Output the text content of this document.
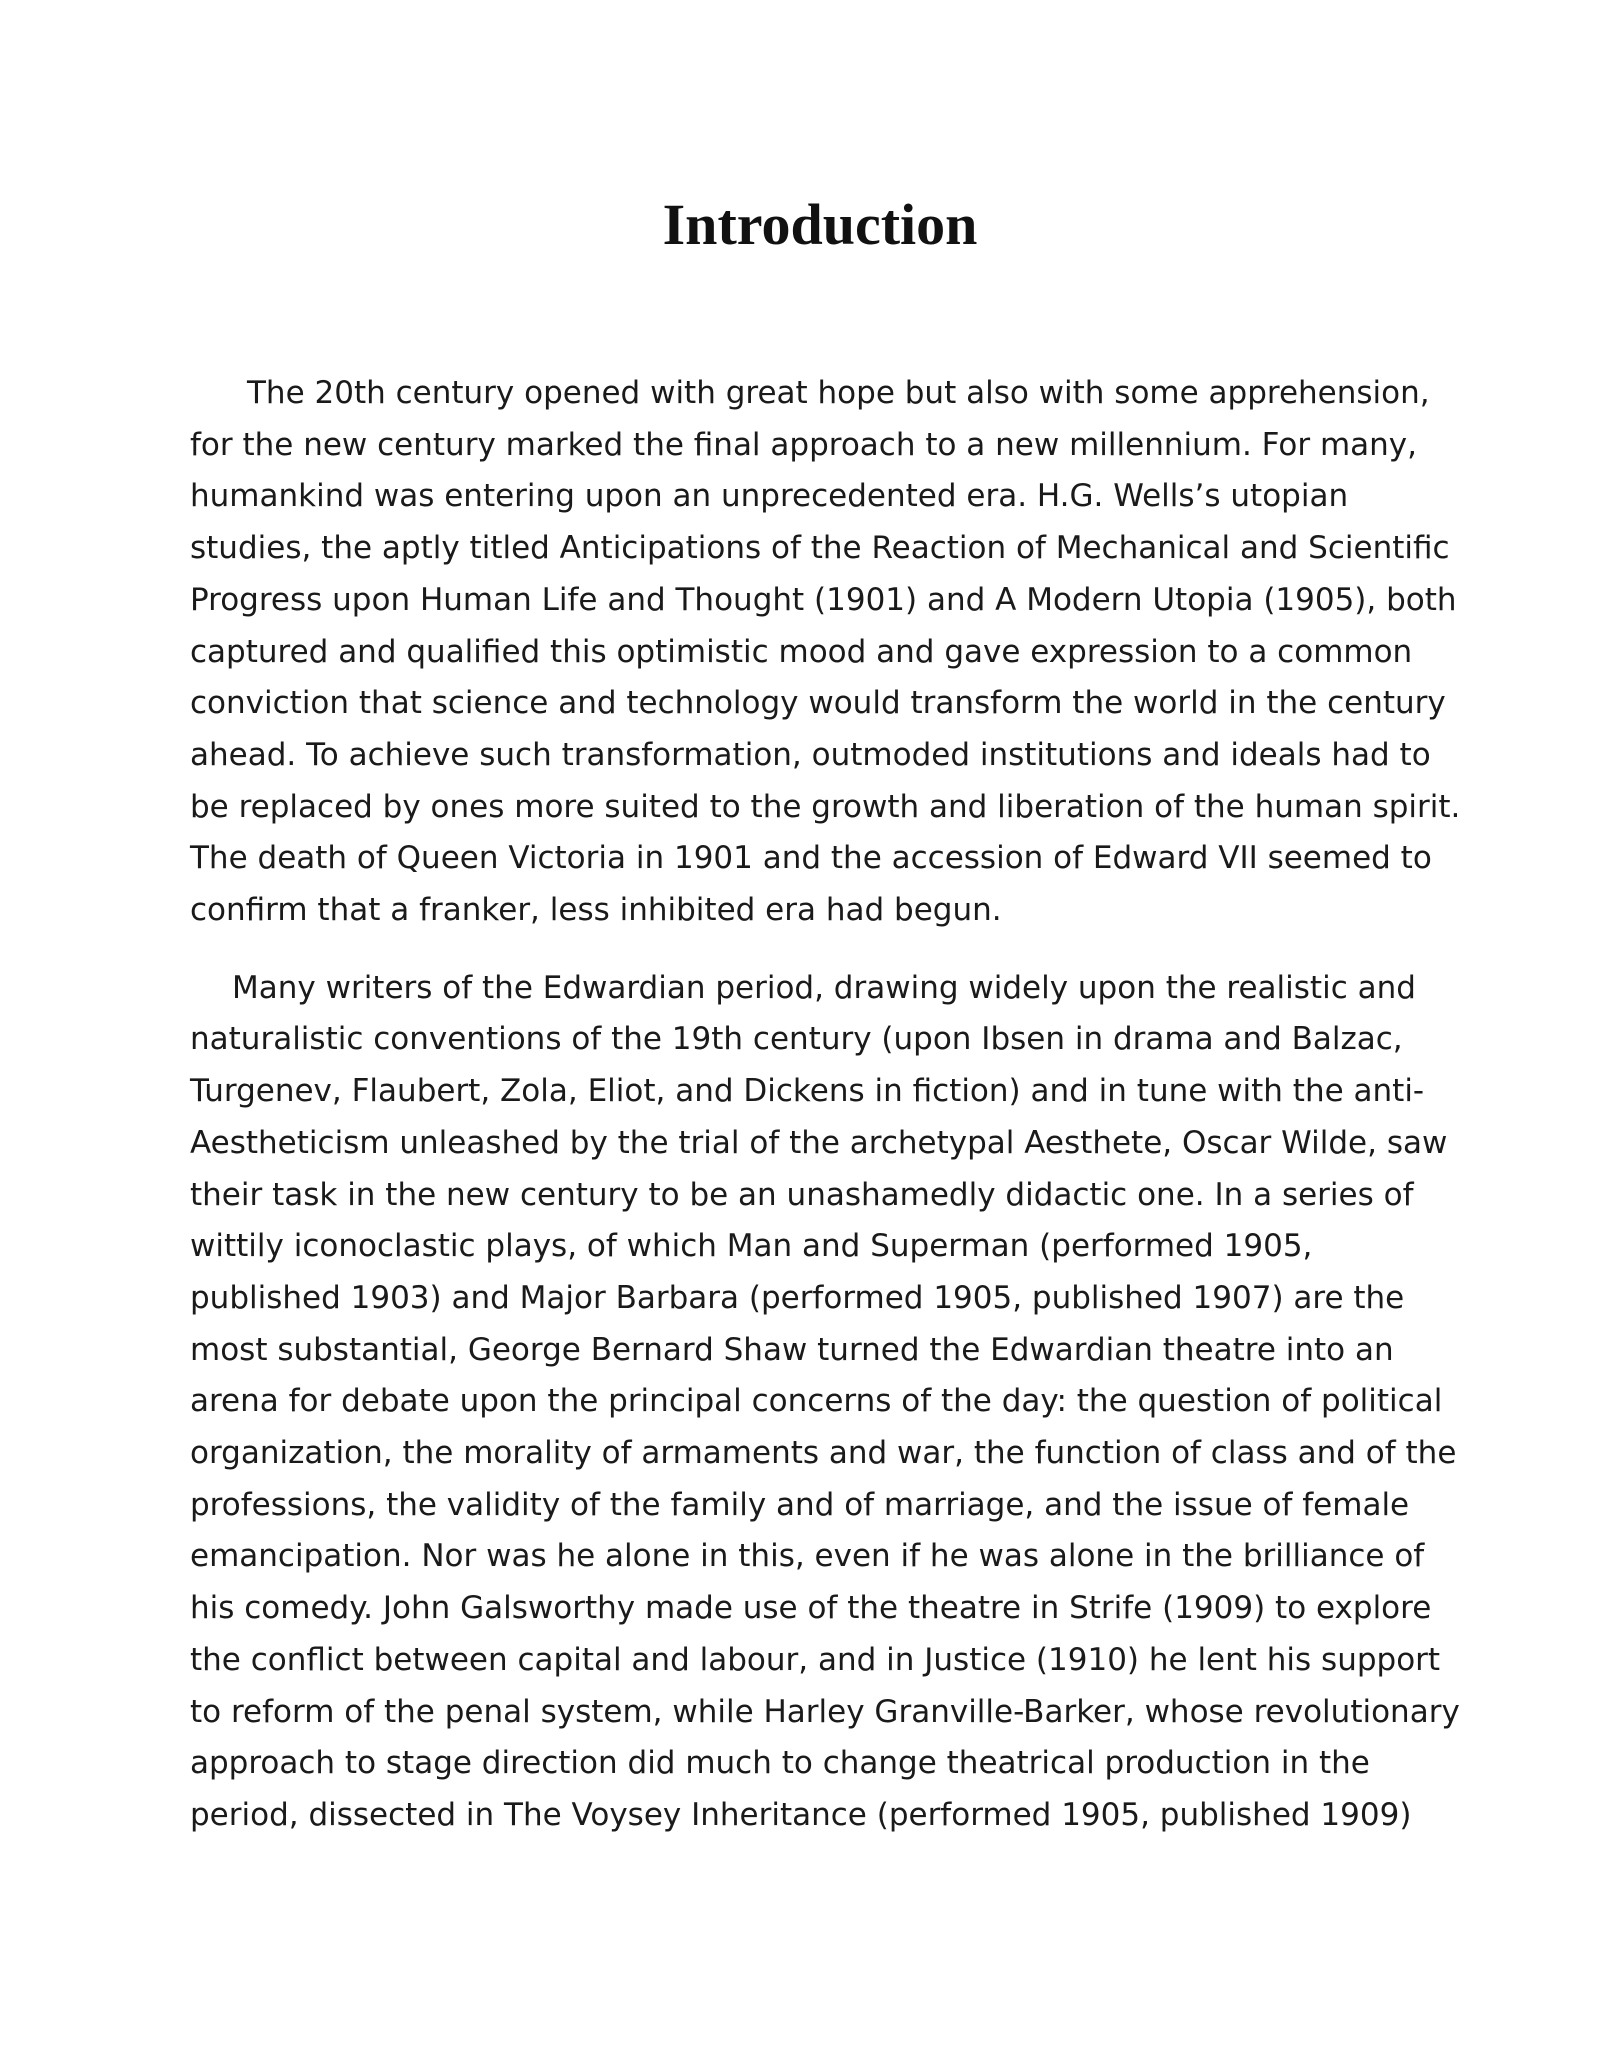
Introduction
The 20th century opened with great hope but also with some apprehension,
for the new century marked the final approach to a new millennium. For many,
humankind was entering upon an unprecedented era. H.G. Wells’s utopian
studies, the aptly titled Anticipations of the Reaction of Mechanical and Scientific
Progress upon Human Life and Thought (1901) and A Modern Utopia (1905), both
captured and qualified this optimistic mood and gave expression to a common
conviction that science and technology would transform the world in the century
ahead. To achieve such transformation, outmoded institutions and ideals had to
be replaced by ones more suited to the growth and liberation of the human spirit.
The death of Queen Victoria in 1901 and the accession of Edward VII seemed to
confirm that a franker, less inhibited era had begun.
Many writers of the Edwardian period, drawing widely upon the realistic and
naturalistic conventions of the 19th century (upon Ibsen in drama and Balzac,
Turgenev, Flaubert, Zola, Eliot, and Dickens in fiction) and in tune with the anti-
Aestheticism unleashed by the trial of the archetypal Aesthete, Oscar Wilde, saw
their task in the new century to be an unashamedly didactic one. In a series of
wittily iconoclastic plays, of which Man and Superman (performed 1905,
published 1903) and Major Barbara (performed 1905, published 1907) are the
most substantial, George Bernard Shaw turned the Edwardian theatre into an
arena for debate upon the principal concerns of the day: the question of political
organization, the morality of armaments and war, the function of class and of the
professions, the validity of the family and of marriage, and the issue of female
emancipation. Nor was he alone in this, even if he was alone in the brilliance of
his comedy. John Galsworthy made use of the theatre in Strife (1909) to explore
the conflict between capital and labour, and in Justice (1910) he lent his support
to reform of the penal system, while Harley Granville-Barker, whose revolutionary
approach to stage direction did much to change theatrical production in the
period, dissected in The Voysey Inheritance (performed 1905, published 1909)
